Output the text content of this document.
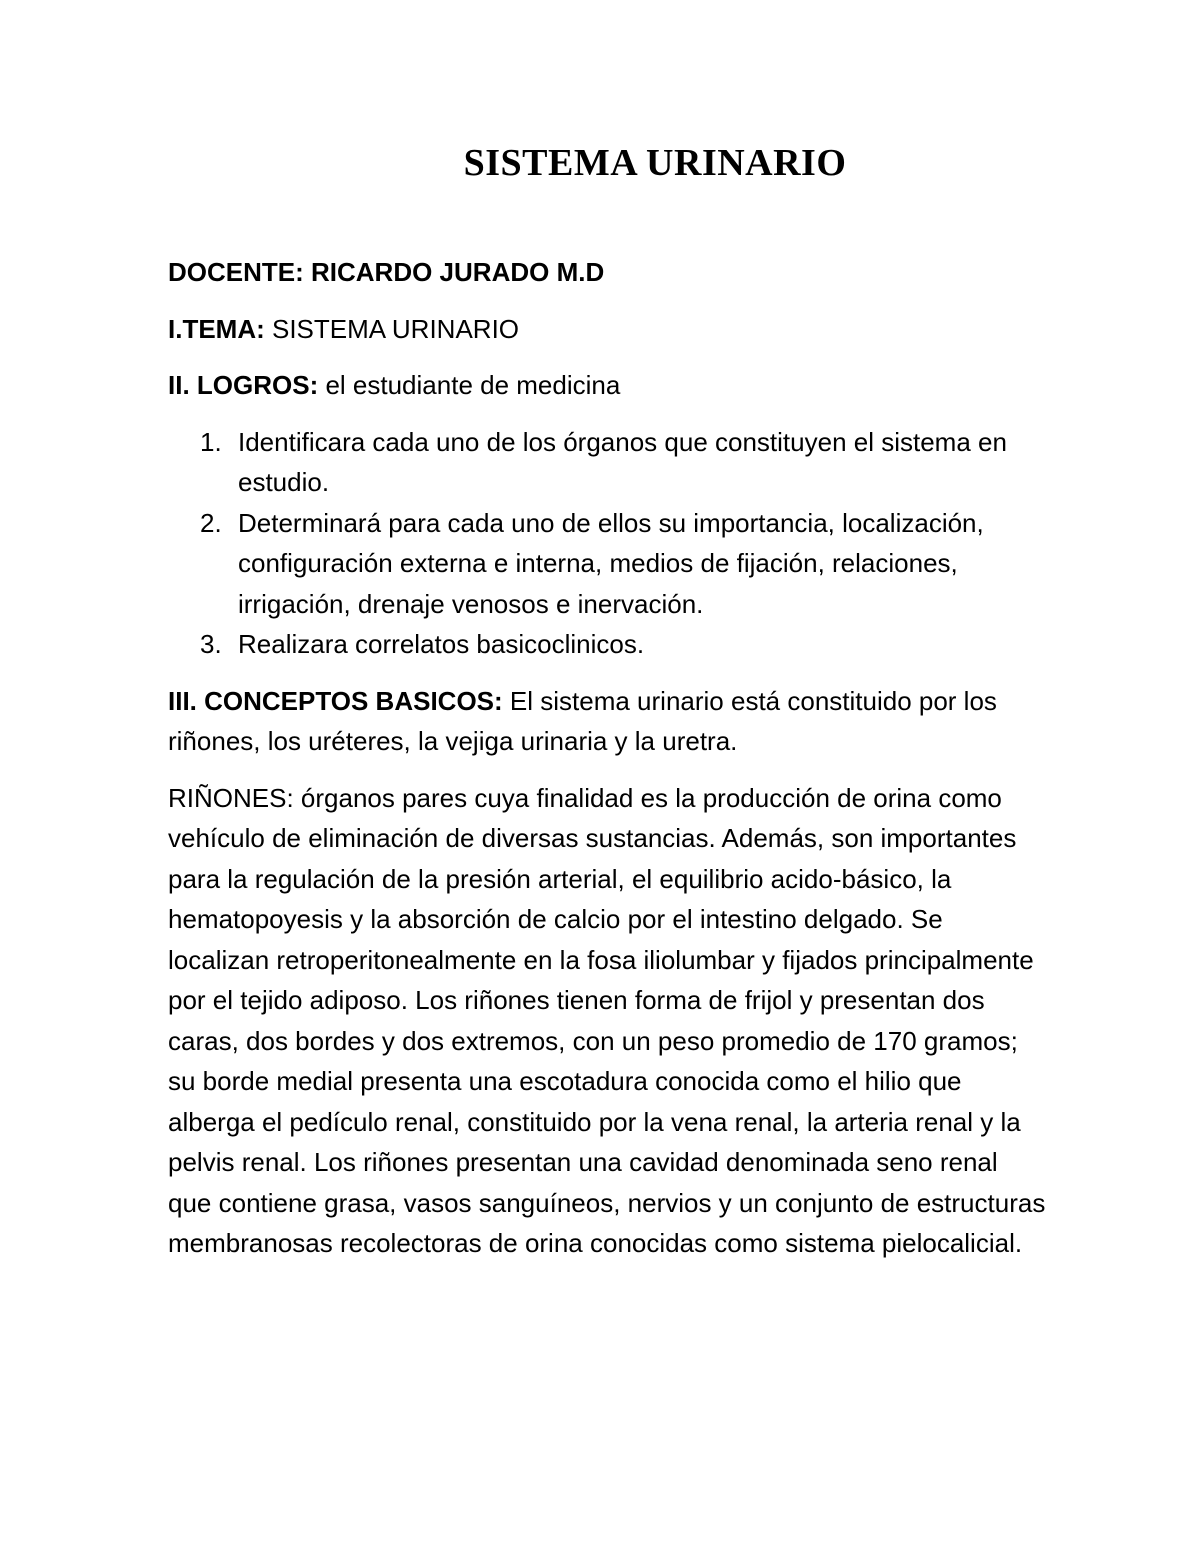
SISTEMA URINARIO
DOCENTE: RICARDO JURADO M.D

I.TEMA: SISTEMA URINARIO

II. LOGROS: el estudiante de medicina

1. Identificara cada uno de los órganos que constituyen el sistema en estudio.
2. Determinará para cada uno de ellos su importancia, localización, configuración externa e interna, medios de fijación, relaciones, irrigación, drenaje venosos e inervación.
3. Realizara correlatos basicoclinicos.

III. CONCEPTOS BASICOS: El sistema urinario está constituido por los riñones, los uréteres, la vejiga urinaria y la uretra.

RIÑONES: órganos pares cuya finalidad es la producción de orina como vehículo de eliminación de diversas sustancias. Además, son importantes para la regulación de la presión arterial, el equilibrio acido-básico, la hematopoyesis y la absorción de calcio por el intestino delgado. Se localizan retroperitonealmente en la fosa iliolumbar y fijados principalmente por el tejido adiposo. Los riñones tienen forma de frijol y presentan dos caras, dos bordes y dos extremos, con un peso promedio de 170 gramos; su borde medial presenta una escotadura conocida como el hilio que alberga el pedículo renal, constituido por la vena renal, la arteria renal y la pelvis renal. Los riñones presentan una cavidad denominada seno renal que contiene grasa, vasos sanguíneos, nervios y un conjunto de estructuras membranosas recolectoras de orina conocidas como sistema pielocalicial.
